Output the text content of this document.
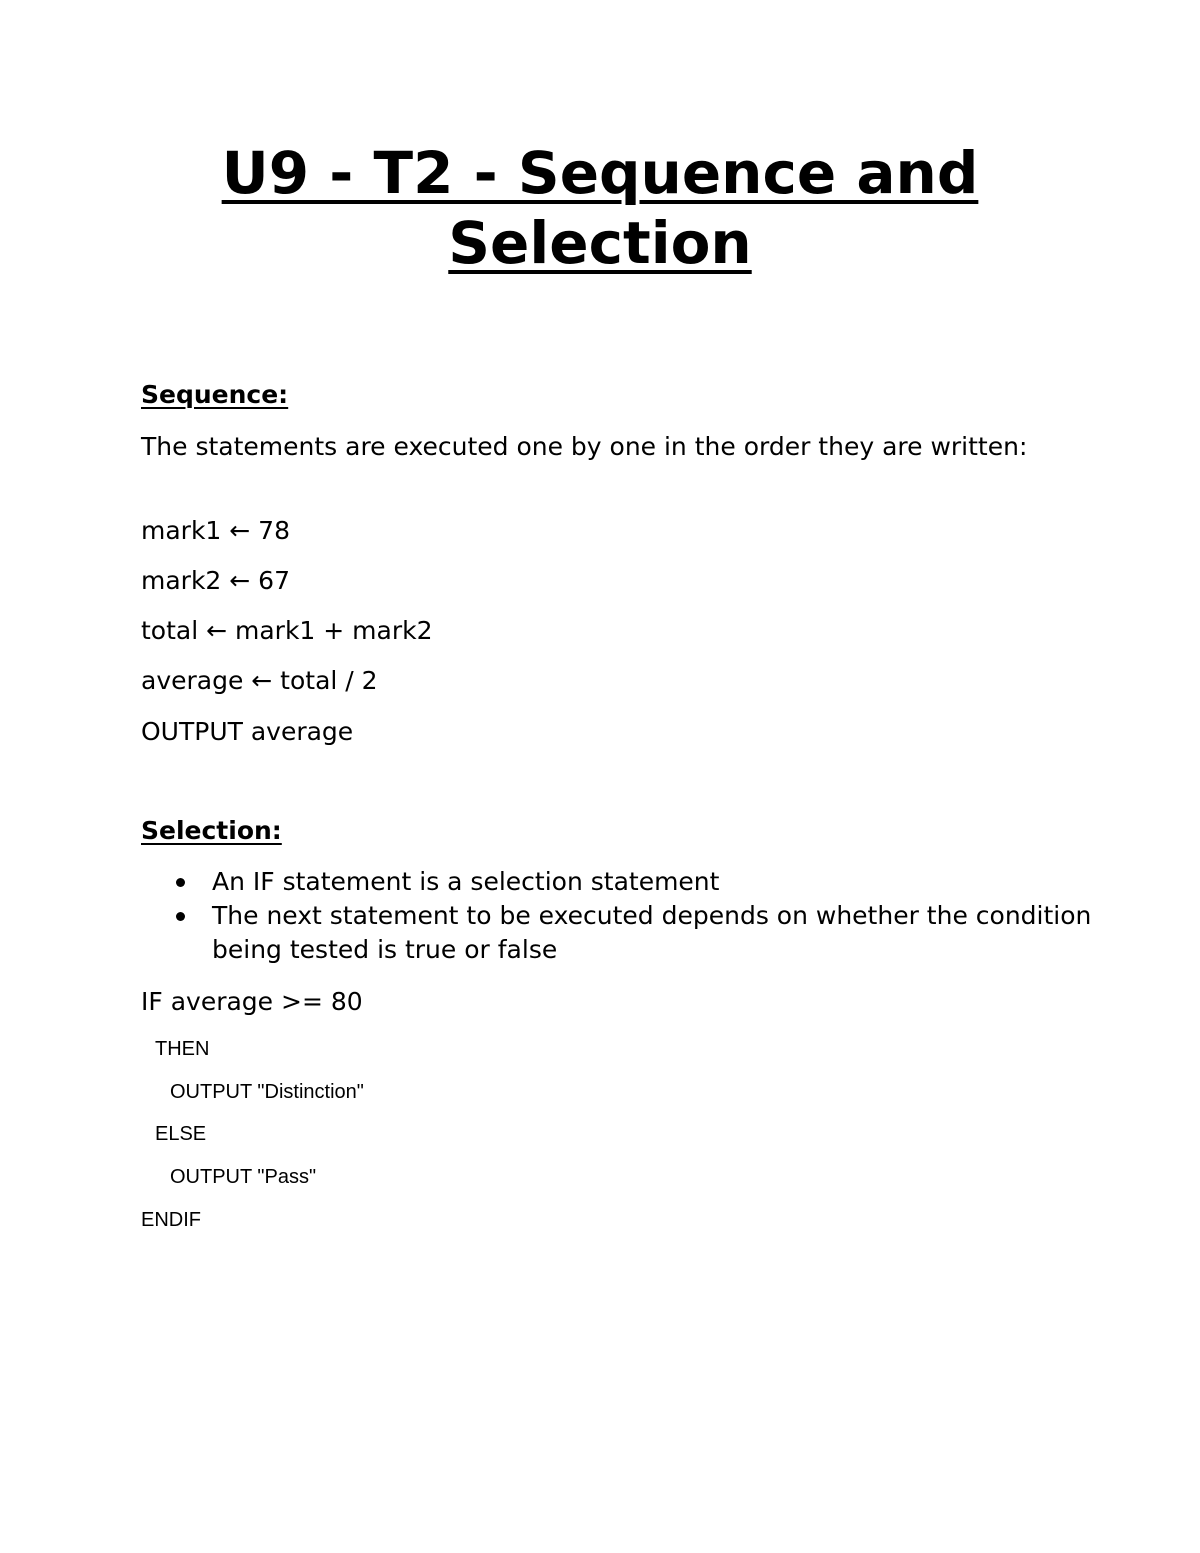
U9 - T2 - Sequence and
Selection

Sequence:

The statements are executed one by one in the order they are written:

mark1 ← 78

mark2 ← 67

total ← mark1 + mark2

average ← total / 2

OUTPUT average

Selection:

An IF statement is a selection statement
The next statement to be executed depends on whether the condition being tested is true or false

IF average >= 80

THEN

OUTPUT "Distinction"

ELSE

OUTPUT "Pass"

ENDIF
